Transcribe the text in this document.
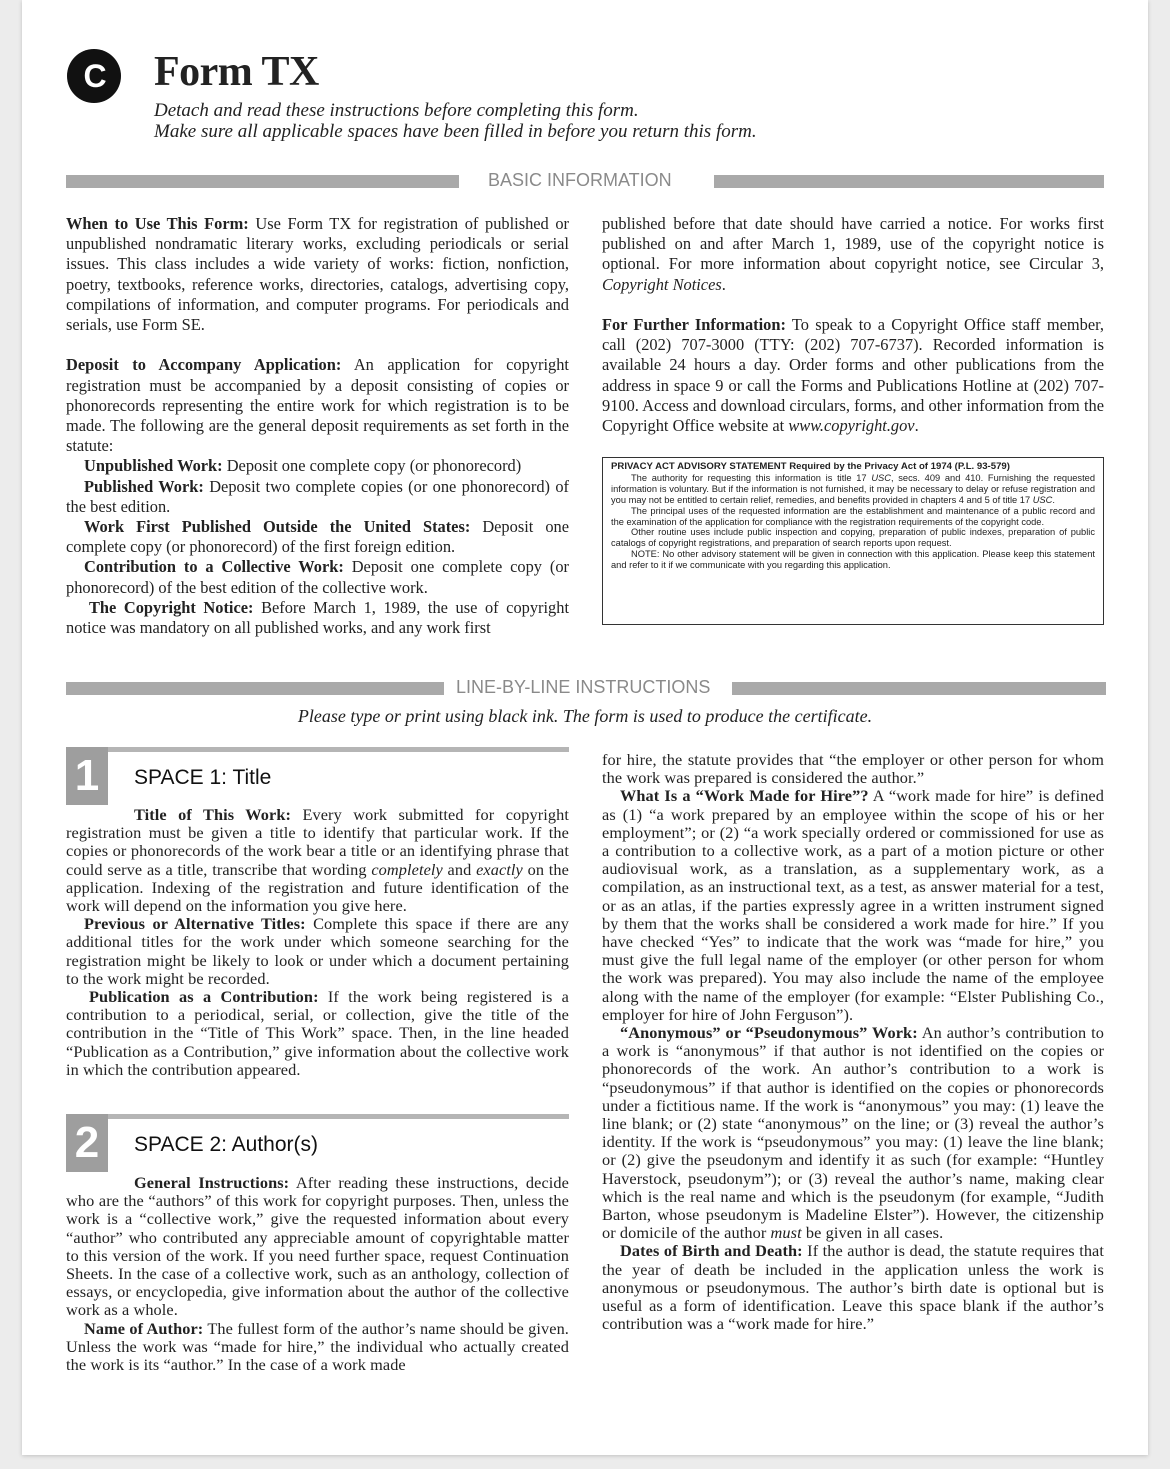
C Form TX
Detach and read these instructions before completing this form.
Make sure all applicable spaces have been filled in before you return this form.
BASIC INFORMATION

When to Use This Form: Use Form TX for registration of published or unpublished nondramatic literary works, excluding periodicals or serial issues. This class includes a wide variety of works: fiction, nonfiction, poetry, textbooks, reference works, directories, catalogs, advertising copy, compilations of information, and computer programs. For periodicals and serials, use Form SE.

Deposit to Accompany Application: An application for copyright registration must be accompanied by a deposit consisting of copies or phonorecords representing the entire work for which registration is to be made. The following are the general deposit requirements as set forth in the statute:

Unpublished Work: Deposit one complete copy (or phonorecord)

Published Work: Deposit two complete copies (or one phonorecord) of the best edition.

Work First Published Outside the United States: Deposit one complete copy (or phonorecord) of the first foreign edition.

Contribution to a Collective Work: Deposit one complete copy (or phonorecord) of the best edition of the collective work.

The Copyright Notice: Before March 1, 1989, the use of copyright notice was mandatory on all published works, and any work first

published before that date should have carried a notice. For works first published on and after March 1, 1989, use of the copyright notice is optional. For more information about copyright notice, see Circular 3, Copyright Notices.

For Further Information: To speak to a Copyright Office staff member, call (202) 707-3000 (TTY: (202) 707-6737). Recorded information is available 24 hours a day. Order forms and other publications from the address in space 9 or call the Forms and Publications Hotline at (202) 707-9100. Access and download circulars, forms, and other information from the Copyright Office website at www.copyright.gov.

PRIVACY ACT ADVISORY STATEMENT Required by the Privacy Act of 1974 (P.L. 93-579)

The authority for requesting this information is title 17 USC, secs. 409 and 410. Furnishing the requested information is voluntary. But if the information is not furnished, it may be necessary to delay or refuse registration and you may not be entitled to certain relief, remedies, and benefits provided in chapters 4 and 5 of title 17 USC.

The principal uses of the requested information are the establishment and maintenance of a public record and the examination of the application for compliance with the registration requirements of the copyright code.

Other routine uses include public inspection and copying, preparation of public indexes, preparation of public catalogs of copyright registrations, and preparation of search reports upon request.

NOTE: No other advisory statement will be given in connection with this application. Please keep this statement and refer to it if we communicate with you regarding this application.

LINE-BY-LINE INSTRUCTIONS
Please type or print using black ink. The form is used to produce the certificate.
1	SPACE 1: Title

Title of This Work: Every work submitted for copyright registration must be given a title to identify that particular work. If the copies or phonorecords of the work bear a title or an identifying phrase that could serve as a title, transcribe that wording completely and exactly on the application. Indexing of the registration and future identification of the work will depend on the information you give here.

Previous or Alternative Titles: Complete this space if there are any additional titles for the work under which someone searching for the registration might be likely to look or under which a document pertaining to the work might be recorded.

Publication as a Contribution: If the work being registered is a contribution to a periodical, serial, or collection, give the title of the contribution in the “Title of This Work” space. Then, in the line headed “Publication as a Contribution,” give information about the collective work in which the contribution appeared.

2	SPACE 2: Author(s)

General Instructions: After reading these instructions, decide who are the “authors” of this work for copyright purposes. Then, unless the work is a “collective work,” give the requested information about every “author” who contributed any appreciable amount of copyrightable matter to this version of the work. If you need further space, request Continuation Sheets. In the case of a collective work, such as an anthology, collection of essays, or encyclopedia, give information about the author of the collective work as a whole.

Name of Author: The fullest form of the author’s name should be given. Unless the work was “made for hire,” the individual who actually created the work is its “author.” In the case of a work made

for hire, the statute provides that “the employer or other person for whom the work was prepared is considered the author.”

What Is a “Work Made for Hire”? A “work made for hire” is defined as (1) “a work prepared by an employee within the scope of his or her employment”; or (2) “a work specially ordered or commissioned for use as a contribution to a collective work, as a part of a motion picture or other audiovisual work, as a translation, as a supplementary work, as a compilation, as an instructional text, as a test, as answer material for a test, or as an atlas, if the parties expressly agree in a written instrument signed by them that the works shall be considered a work made for hire.” If you have checked “Yes” to indicate that the work was “made for hire,” you must give the full legal name of the employer (or other person for whom the work was prepared). You may also include the name of the employee along with the name of the employer (for example: “Elster Publishing Co., employer for hire of John Ferguson”).

“Anonymous” or “Pseudonymous” Work: An author’s contribution to a work is “anonymous” if that author is not identified on the copies or phonorecords of the work. An author’s contribution to a work is “pseudonymous” if that author is identified on the copies or phonorecords under a fictitious name. If the work is “anonymous” you may: (1) leave the line blank; or (2) state “anonymous” on the line; or (3) reveal the author’s identity. If the work is “pseudonymous” you may: (1) leave the line blank; or (2) give the pseudonym and identify it as such (for example: “Huntley Haverstock, pseudonym”); or (3) reveal the author’s name, making clear which is the real name and which is the pseudonym (for example, “Judith Barton, whose pseudonym is Madeline Elster”). However, the citizenship or domicile of the author must be given in all cases.

Dates of Birth and Death: If the author is dead, the statute requires that the year of death be included in the application unless the work is anonymous or pseudonymous. The author’s birth date is optional but is useful as a form of identification. Leave this space blank if the author’s contribution was a “work made for hire.”
